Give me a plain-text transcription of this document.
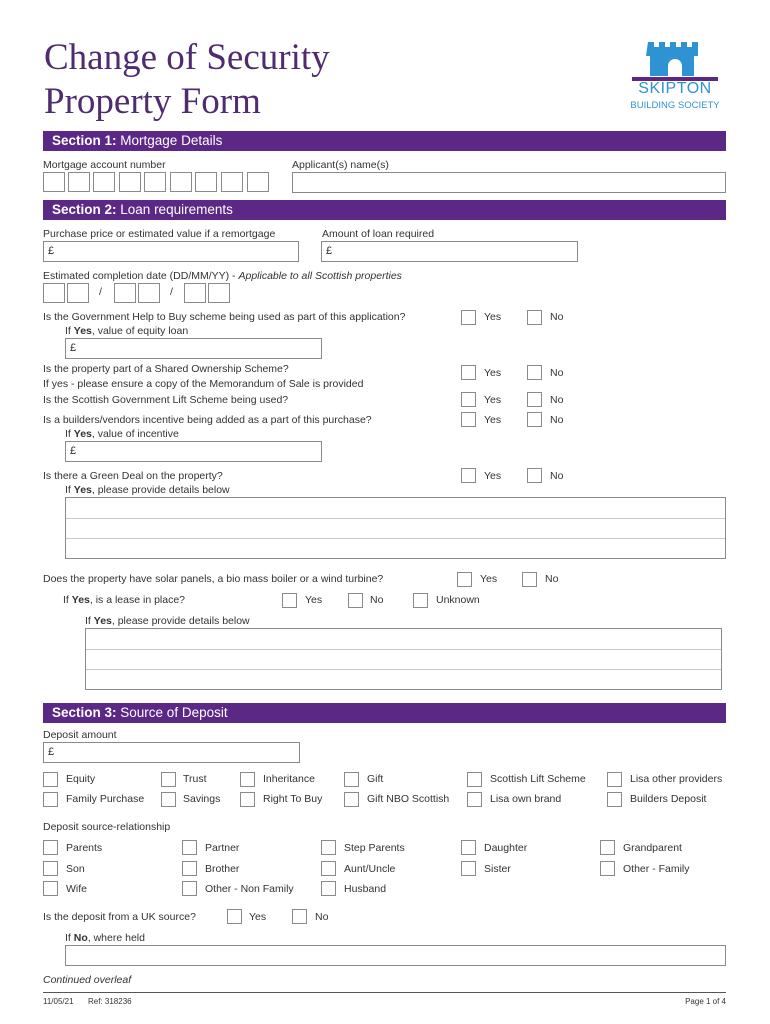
Change of Security
Property Form	SKIPTON
BUILDING SOCIETY
Section 1: Mortgage Details
Mortgage account number	Applicant(s) name(s)
Section 2: Loan requirements
Purchase price or estimated value if a remortgage	Amount of loan required
£	£
Estimated completion date (DD/MM/YY) - Applicable to all Scottish properties
/	/
Is the Government Help to Buy scheme being used as part of this application?
If Yes, value of equity loan
Yes	No
£
Is the property part of a Shared Ownership Scheme?
If yes - please ensure a copy of the Memorandum of Sale is provided
Yes	No
Is the Scottish Government Lift Scheme being used?	Yes	No
Is a builders/vendors incentive being added as a part of this purchase?
If Yes, value of incentive
Yes	No
£
Is there a Green Deal on the property?
If Yes, please provide details below
Yes	No
Does the property have solar panels, a bio mass boiler or a wind turbine?	Yes	No
If Yes, is a lease in place?	Yes	No	Unknown
If Yes, please provide details below
Section 3: Source of Deposit
Deposit amount
£
Equity	Trust	Inheritance	Gift	Scottish Lift Scheme	Lisa other providers
Family Purchase	Savings	Right To Buy	Gift NBO Scottish	Lisa own brand	Builders Deposit
Deposit source-relationship
Parents	Partner	Step Parents	Daughter	Grandparent
Son	Brother	Aunt/Uncle	Sister	Other - Family
Wife	Other - Non Family	Husband
Is the deposit from a UK source?	Yes	No
If No, where held
Continued overleaf
11/05/21 Ref: 318236	Page 1 of 4
